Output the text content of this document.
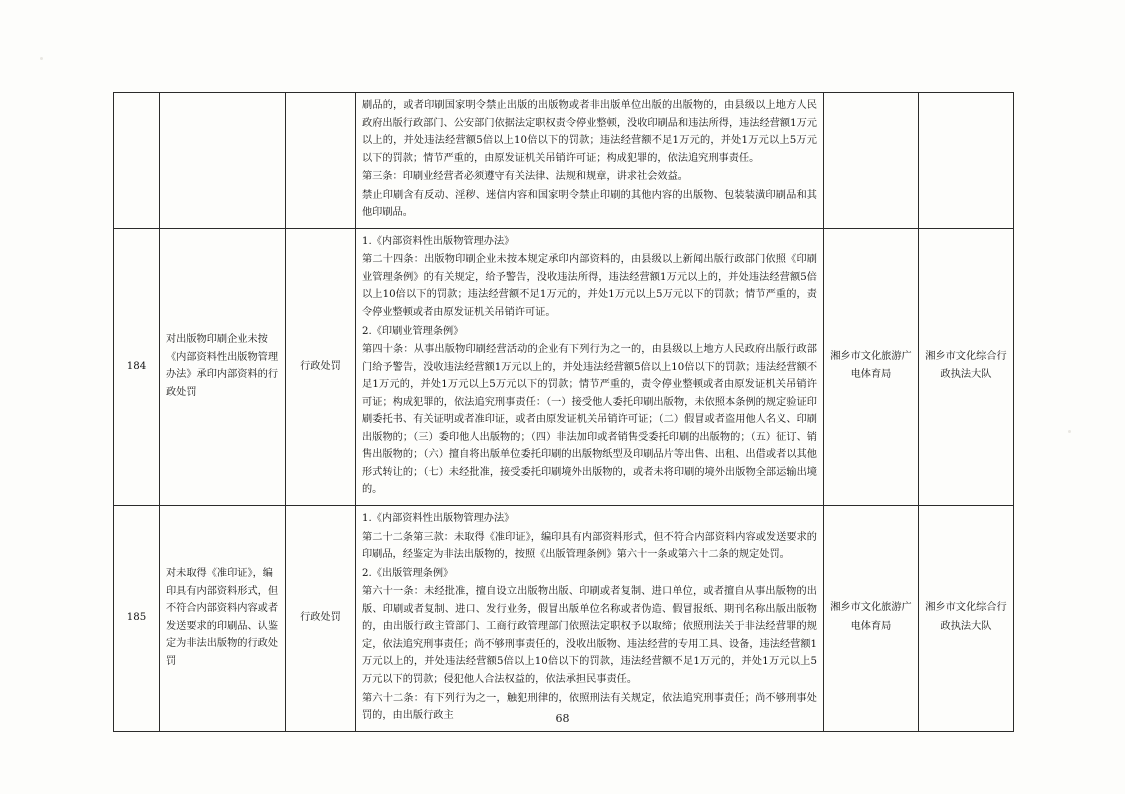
			刷品的，或者印刷国家明令禁止出版的出版物或者非出版单位出版的出版物的，由县级以上地方人民政府出版行政部门、公安部门依据法定职权责令停业整顿，没收印刷品和违法所得，违法经营额1万元以上的，并处违法经营额5倍以上10倍以下的罚款；违法经营额不足1万元的，并处1万元以上5万元以下的罚款；情节严重的，由原发证机关吊销许可证；构成犯罪的，依法追究刑事责任。

第三条：印刷业经营者必须遵守有关法律、法规和规章，讲求社会效益。

禁止印刷含有反动、淫秽、迷信内容和国家明令禁止印刷的其他内容的出版物、包装装潢印刷品和其他印刷品。		

184	对出版物印刷企业未按《内部资料性出版物管理办法》承印内部资料的行政处罚	行政处罚	1.《内部资料性出版物管理办法》

第二十四条：出版物印刷企业未按本规定承印内部资料的，由县级以上新闻出版行政部门依照《印刷业管理条例》的有关规定，给予警告，没收违法所得，违法经营额1万元以上的，并处违法经营额5倍以上10倍以下的罚款；违法经营额不足1万元的，并处1万元以上5万元以下的罚款；情节严重的，责令停业整顿或者由原发证机关吊销许可证。

2.《印刷业管理条例》

第四十条：从事出版物印刷经营活动的企业有下列行为之一的，由县级以上地方人民政府出版行政部门给予警告，没收违法经营额1万元以上的，并处违法经营额5倍以上10倍以下的罚款；违法经营额不足1万元的，并处1万元以上5万元以下的罚款；情节严重的，责令停业整顿或者由原发证机关吊销许可证；构成犯罪的，依法追究刑事责任：（一）接受他人委托印刷出版物，未依照本条例的规定验证印刷委托书、有关证明或者准印证，或者由原发证机关吊销许可证；（二）假冒或者盗用他人名义、印刷出版物的；（三）委印他人出版物的；（四）非法加印或者销售受委托印刷的出版物的；（五）征订、销售出版物的；（六）擅自将出版单位委托印刷的出版物纸型及印刷品片等出售、出租、出借或者以其他形式转让的；（七）未经批准，接受委托印刷境外出版物的，或者未将印刷的境外出版物全部运输出境的。	湘乡市文化旅游广电体育局	湘乡市文化综合行政执法大队

185	对未取得《准印证》，编印具有内部资料形式，但不符合内部资料内容或者发送要求的印刷品、认鉴定为非法出版物的行政处罚	行政处罚	1.《内部资料性出版物管理办法》

第二十二条第三款：未取得《准印证》，编印具有内部资料形式，但不符合内部资料内容或发送要求的印刷品，经鉴定为非法出版物的，按照《出版管理条例》第六十一条或第六十二条的规定处罚。

2.《出版管理条例》

第六十一条：未经批准，擅自设立出版物出版、印刷或者复制、进口单位，或者擅自从事出版物的出版、印刷或者复制、进口、发行业务，假冒出版单位名称或者伪造、假冒报纸、期刊名称出版出版物的，由出版行政主管部门、工商行政管理部门依照法定职权予以取缔；依照刑法关于非法经营罪的规定，依法追究刑事责任；尚不够刑事责任的，没收出版物、违法经营的专用工具、设备，违法经营额1万元以上的，并处违法经营额5倍以上10倍以下的罚款，违法经营额不足1万元的，并处1万元以上5万元以下的罚款；侵犯他人合法权益的，依法承担民事责任。

第六十二条：有下列行为之一，触犯刑律的，依照刑法有关规定，依法追究刑事责任；尚不够刑事处罚的，由出版行政主	湘乡市文化旅游广电体育局	湘乡市文化综合行政执法大队
68
